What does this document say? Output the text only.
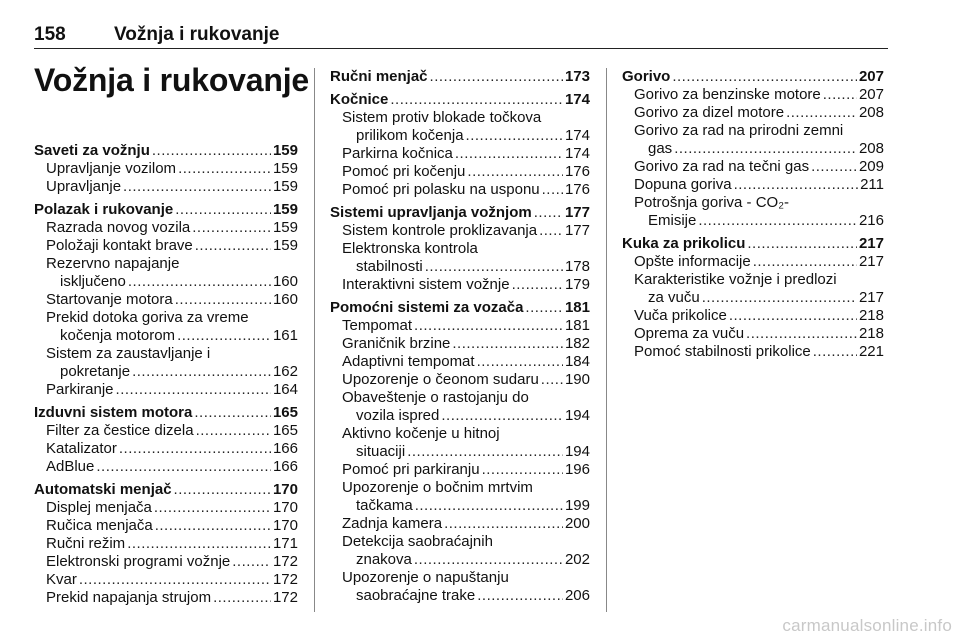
158	Vožnja i rukovanje
Vožnja i rukovanje
Saveti za vožnju .....	159
Upravljanje vozilom .....	159
Upravljanje .....	159
Polazak i rukovanje .....	159
Razrada novog vozila .....	159
Položaji kontakt brave .....	159
Rezervno napajanje
isključeno .....	160
Startovanje motora .....	160
Prekid dotoka goriva za vreme
kočenja motorom .....	161
Sistem za zaustavljanje i
pokretanje .....	162
Parkiranje .....	164
Izduvni sistem motora .....	165
Filter za čestice dizela .....	165
Katalizator .....	166
AdBlue .....	166
Automatski menjač .....	170
Displej menjača .....	170
Ručica menjača .....	170
Ručni režim .....	171
Elektronski programi vožnje .....	172
Kvar .....	172
Prekid napajanja strujom .....	172
Ručni menjač .....	173
Kočnice .....	174
Sistem protiv blokade točkova
prilikom kočenja .....	174
Parkirna kočnica .....	174
Pomoć pri kočenju .....	176
Pomoć pri polasku na usponu ..... 176
Sistemi upravljanja vožnjom ..... 177
Sistem kontrole proklizavanja ..... 177
Elektronska kontrola
stabilnosti .....	178
Interaktivni sistem vožnje .....	179
Pomoćni sistemi za vozača .....	181
Tempomat .....	181
Graničnik brzine .....	182
Adaptivni tempomat .....	184
Upozorenje o čeonom sudaru ..... 190
Obaveštenje o rastojanju do
vozila ispred .....	194
Aktivno kočenje u hitnoj
situaciji .....	194
Pomoć pri parkiranju .....	196
Upozorenje o bočnim mrtvim
tačkama .....	199
Zadnja kamera .....	200
Detekcija saobraćajnih
znakova .....	202
Upozorenje o napuštanju
saobraćajne trake .....	206
Gorivo .....	207
Gorivo za benzinske motore .....	207
Gorivo za dizel motore .....	208
Gorivo za rad na prirodni zemni
gas .....	208
Gorivo za rad na tečni gas .....	209
Dopuna goriva .....	211
Potrošnja goriva - CO₂-
Emisije .....	216
Kuka za prikolicu .....	217
Opšte informacije .....	217
Karakteristike vožnje i predlozi
za vuču .....	217
Vuča prikolice .....	218
Oprema za vuču .....	218
Pomoć stabilnosti prikolice .....	221
carmanualsonline.info
